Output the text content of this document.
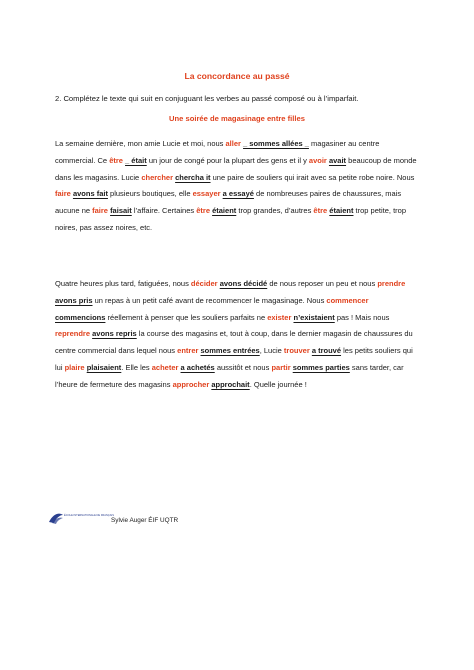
La concordance au passé
2. Complétez le texte qui suit en conjuguant les verbes au passé composé ou à l’imparfait.
Une soirée de magasinage entre filles
La semaine dernière, mon amie Lucie et moi, nous aller _ sommes allées _ magasiner au centre commercial. Ce être _ était un jour de congé pour la plupart des gens et il y avoir avait beaucoup de monde dans les magasins. Lucie chercher chercha it une paire de souliers qui irait avec sa petite robe noire. Nous faire avons fait plusieurs boutiques, elle essayer a essayé de nombreuses paires de chaussures, mais aucune ne faire faisait l’affaire. Certaines être étaient trop grandes, d’autres être étaient trop petite, trop noires, pas assez noires, etc.
Quatre heures plus tard, fatiguées, nous décider avons décidé de nous reposer un peu et nous prendre avons pris un repas à un petit café avant de recommencer le magasinage. Nous commencer commencions réellement à penser que les souliers parfaits ne exister n’existaient pas ! Mais nous reprendre avons repris la course des magasins et, tout à coup, dans le dernier magasin de chaussures du centre commercial dans lequel nous entrer sommes entrées, Lucie trouver a trouvé les petits souliers qui lui plaire plaisaient. Elle les acheter a achetés aussitôt et nous partir sommes parties sans tarder, car l’heure de fermeture des magasins approcher approchait. Quelle journée !
ÉCOLE INTERNATIONALE DE FRANÇAIS
Sylvie Auger ÉIF UQTR
